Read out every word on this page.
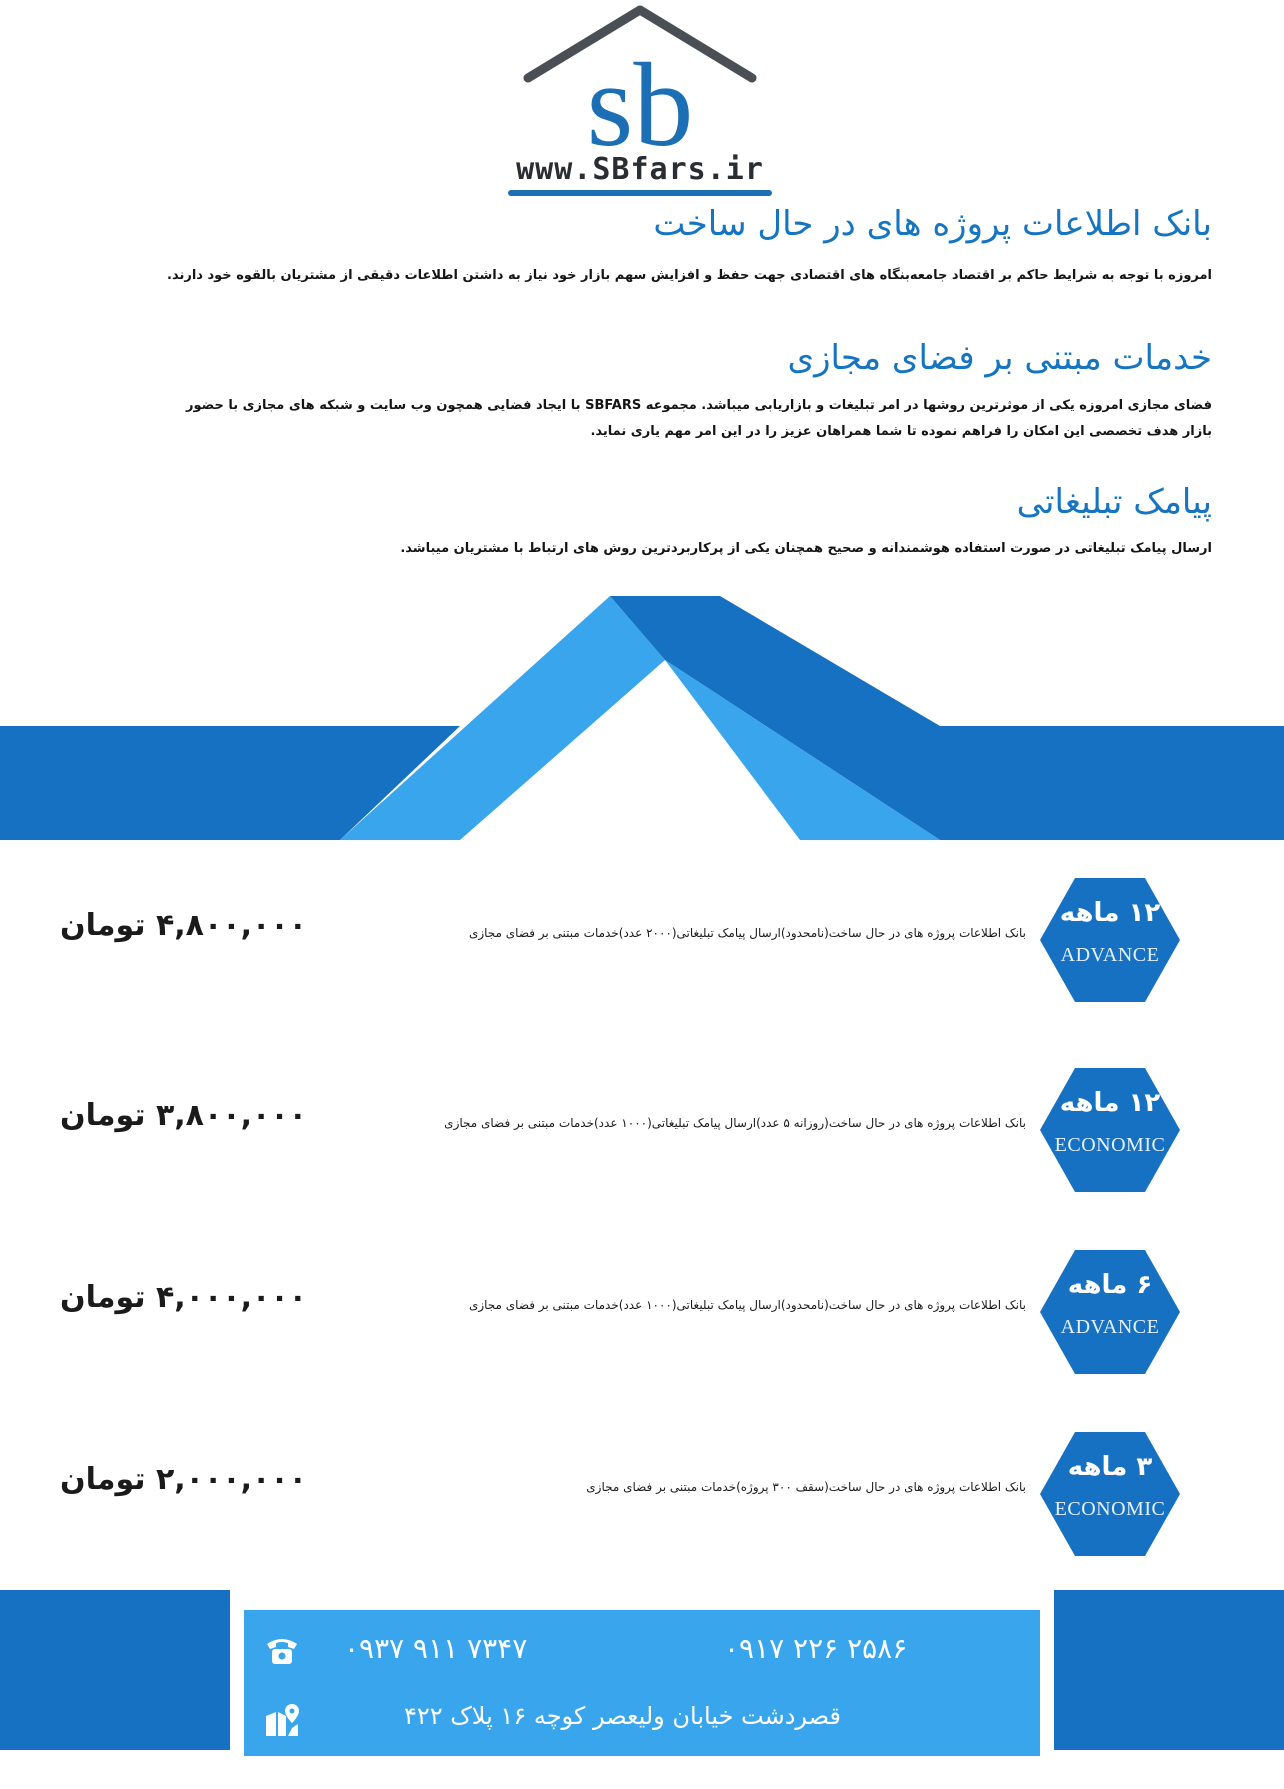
sb
www.SBfars.ir
بانک اطلاعات پروژه های در حال ساخت
امروزه با توجه به شرایط حاکم بر اقتصاد جامعه‌بنگاه های اقتصادی جهت حفظ و افزایش سهم بازار خود نیاز به داشتن اطلاعات دقیقی از مشتریان بالقوه خود دارند.
خدمات مبتنی بر فضای مجازی
فضای مجازی امروزه یکی از موثرترین روشها در امر تبلیغات و بازاریابی میباشد. مجموعه SBFARS با ایجاد فضایی همچون وب سایت و شبکه های مجازی با حضور
بازار هدف تخصصی این امکان را فراهم نموده تا شما همراهان عزیز را در این امر مهم یاری نماید.
پیامک تبلیغاتی
ارسال پیامک تبلیغاتی در صورت استفاده هوشمندانه و صحیح همچنان یکی از پرکاربردترین روش های ارتباط با مشتریان میباشد.
۱۲ ماهه
ADVANCE
بانک اطلاعات پروژه های در حال ساخت(نامحدود)ارسال پیامک تبلیغاتی(۲۰۰۰ عدد)خدمات مبتنی بر فضای مجازی
۴,۸۰۰,۰۰۰ تومان
۱۲ ماهه
ECONOMIC
بانک اطلاعات پروژه های در حال ساخت(روزانه ۵ عدد)ارسال پیامک تبلیغاتی(۱۰۰۰ عدد)خدمات مبتنی بر فضای مجازی
۳,۸۰۰,۰۰۰ تومان
۶ ماهه
ADVANCE
بانک اطلاعات پروژه های در حال ساخت(نامحدود)ارسال پیامک تبلیغاتی(۱۰۰۰ عدد)خدمات مبتنی بر فضای مجازی
۴,۰۰۰,۰۰۰ تومان
۳ ماهه
ECONOMIC
بانک اطلاعات پروژه های در حال ساخت(سقف ۳۰۰ پروژه)خدمات مبتنی بر فضای مجازی
۲,۰۰۰,۰۰۰ تومان
۰۹۳۷ ۹۱۱ ۷۳۴۷	۰۹۱۷ ۲۲۶ ۲۵۸۶
قصردشت خیابان ولیعصر کوچه ۱۶ پلاک ۴۲۲
